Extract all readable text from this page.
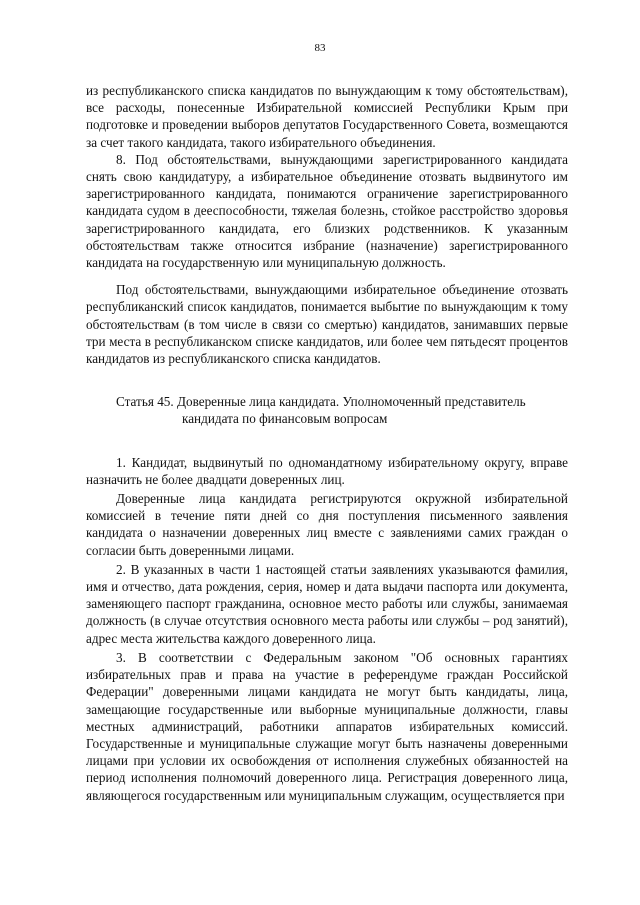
83

из республиканского списка кандидатов по вынуждающим к тому обстоятельствам), все расходы, понесенные Избирательной комиссией Республики Крым при подготовке и проведении выборов депутатов Государственного Совета, возмещаются за счет такого кандидата, такого избирательного объединения.

8. Под обстоятельствами, вынуждающими зарегистрированного кандидата снять свою кандидатуру, а избирательное объединение отозвать выдвинутого им зарегистрированного кандидата, понимаются ограничение зарегистрированного кандидата судом в дееспособности, тяжелая болезнь, стойкое расстройство здоровья зарегистрированного кандидата, его близких родственников. К указанным обстоятельствам также относится избрание (назначение) зарегистрированного кандидата на государственную или муниципальную должность.

Под обстоятельствами, вынуждающими избирательное объединение отозвать республиканский список кандидатов, понимается выбытие по вынуждающим к тому обстоятельствам (в том числе в связи со смертью) кандидатов, занимавших первые три места в республиканском списке кандидатов, или более чем пятьдесят процентов кандидатов из республиканского списка кандидатов.

Статья 45. Доверенные лица кандидата. Уполномоченный представитель
кандидата по финансовым вопросам

1. Кандидат, выдвинутый по одномандатному избирательному округу, вправе назначить не более двадцати доверенных лиц.

Доверенные лица кандидата регистрируются окружной избирательной комиссией в течение пяти дней со дня поступления письменного заявления кандидата о назначении доверенных лиц вместе с заявлениями самих граждан о согласии быть доверенными лицами.

2. В указанных в части 1 настоящей статьи заявлениях указываются фамилия, имя и отчество, дата рождения, серия, номер и дата выдачи паспорта или документа, заменяющего паспорт гражданина, основное место работы или службы, занимаемая должность (в случае отсутствия основного места работы или службы – род занятий), адрес места жительства каждого доверенного лица.

3. В соответствии с Федеральным законом "Об основных гарантиях избирательных прав и права на участие в референдуме граждан Российской Федерации" доверенными лицами кандидата не могут быть кандидаты, лица, замещающие государственные или выборные муниципальные должности, главы местных администраций, работники аппаратов избирательных комиссий. Государственные и муниципальные служащие могут быть назначены доверенными лицами при условии их освобождения от исполнения служебных обязанностей на период исполнения полномочий доверенного лица. Регистрация доверенного лица, являющегося государственным или муниципальным служащим, осуществляется при
